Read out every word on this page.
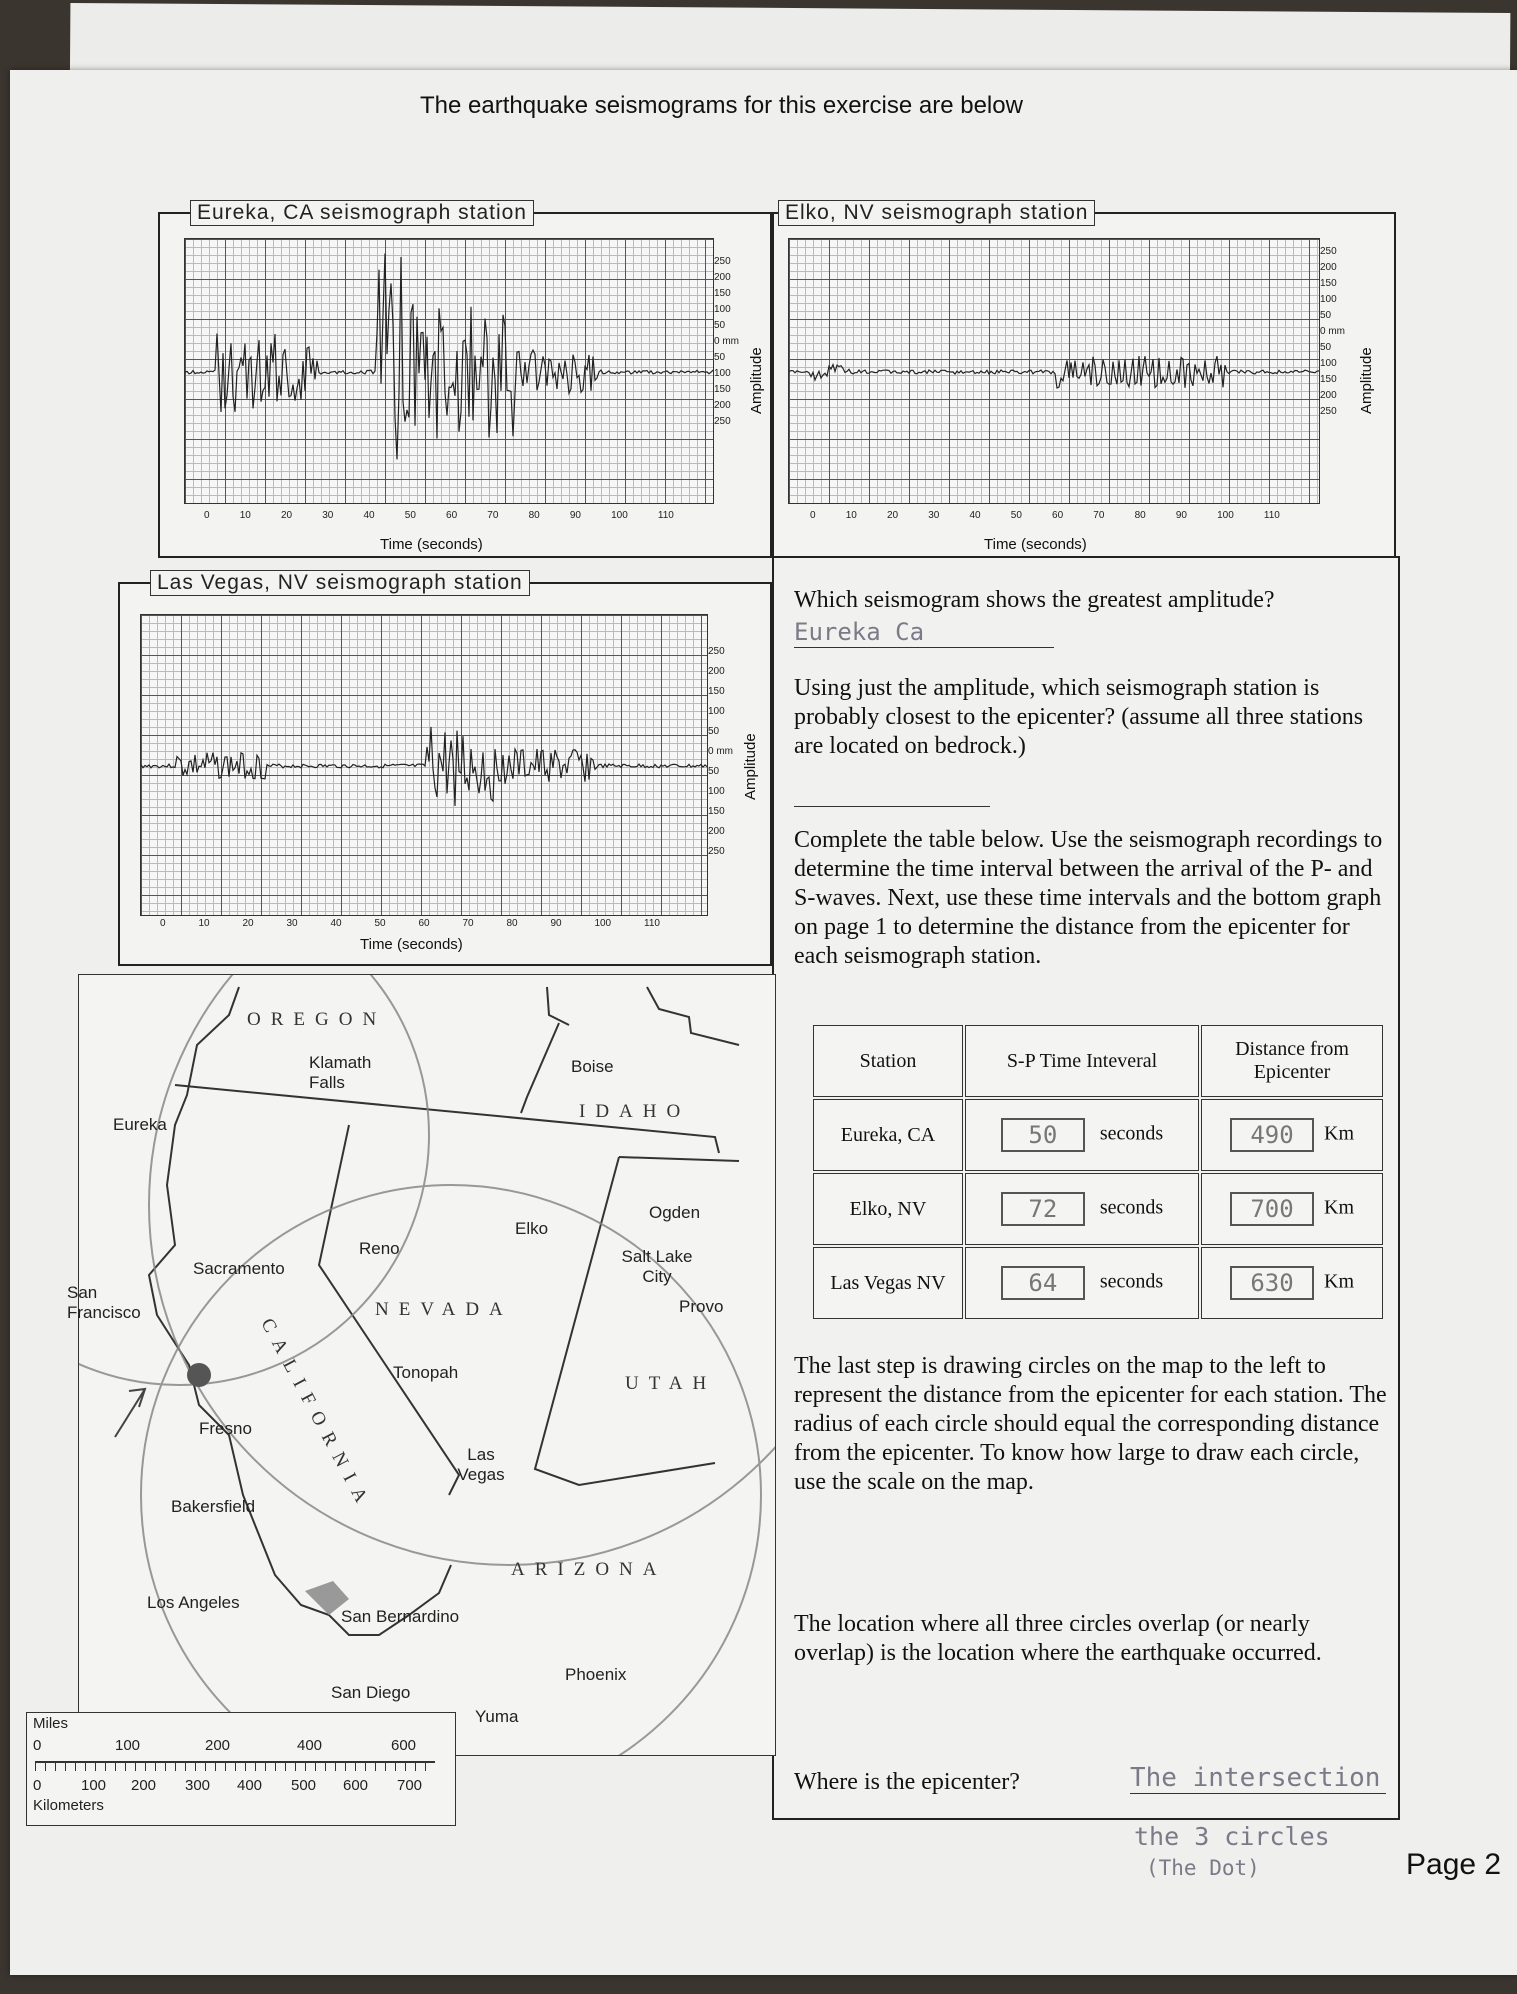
The earthquake seismograms for this exercise are below
Eureka, CA seismograph station
250
200
150
100
50
0 mm
50
100
150
200
250
Amplitude
0	10	20	30	40	50	60	70	80	90	100	110
Time (seconds)
Elko, NV seismograph station
250
200
150
100
50
0 mm
50
100
150
200
250	Amplitude
0	10	20	30	40	50	60	70	80	90	100	110
Time (seconds)
Las Vegas, NV seismograph station
250
200
150
100
50
0 mm
50
100
150
200
250
Amplitude
0	10	20	30	40	50	60	70	80	90	100	110
Time (seconds)
Which seismogram shows the greatest amplitude?
Eureka Ca
Using just the amplitude, which seismograph station is probably closest to the epicenter? (assume all three stations are located on bedrock.)
Complete the table below. Use the seismograph recordings to determine the time interval between the arrival of the P- and S-waves. Next, use these time intervals and the bottom graph on page 1 to determine the distance from the epicenter for each seismograph station.
Station	S-P Time Inteveral	Distance from Epicenter
Eureka, CA	50 seconds	490 Km
Elko, NV	72 seconds	700 Km
Las Vegas NV	64 seconds	630 Km
The last step is drawing circles on the map to the left to represent the distance from the epicenter for each station. The radius of each circle should equal the corresponding distance from the epicenter. To know how large to draw each circle, use the scale on the map.
The location where all three circles overlap (or nearly overlap) is the location where the earthquake occurred.
Where is the epicenter?	The intersection
the 3 circles
(The Dot)	Page 2
OREGON
IDAHO
NEVADA
UTAH
ARIZONA
CALIFORNIA
Eureka
Klamath Falls
Boise
Reno
Elko
Ogden
Salt Lake City
Provo
Sacramento
San Francisco
Tonopah
Fresno
Las Vegas
Bakersfield
Los Angeles
San Bernardino
San Diego
Yuma
Phoenix
Miles
0	100	200	400	600
0	100 200 300 400 500 600 700
Kilometers
